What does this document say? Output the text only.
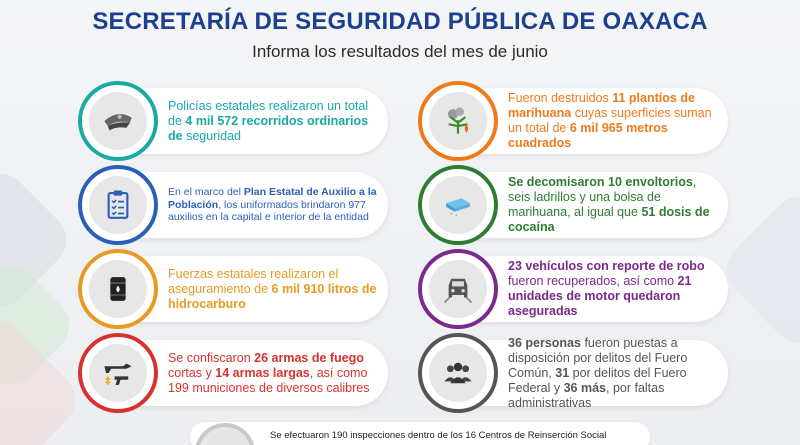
SECRETARÍA DE SEGURIDAD PÚBLICA DE OAXACA
Informa los resultados del mes de junio
Policías estatales realizaron un total de 4 mil 572 recorridos ordinarios de seguridad
En el marco del Plan Estatal de Auxilio a la Población, los uniformados brindaron 977 auxilios en la capital e interior de la entidad
Fuerzas estatales realizaron el aseguramiento de 6 mil 910 litros de hidrocarburo
Se confiscaron 26 armas de fuego cortas y 14 armas largas, así como 199 municiones de diversos calibres
Fueron destruidos 11 plantíos de marihuana cuyas superficies suman un total de 6 mil 965 metros cuadrados
Se decomisaron 10 envoltorios, seis ladrillos y una bolsa de marihuana, al igual que 51 dosis de cocaína
23 vehículos con reporte de robo fueron recuperados, así como 21 unidades de motor quedaron aseguradas
36 personas fueron puestas a disposición por delitos del Fuero Común, 31 por delitos del Fuero Federal y 36 más, por faltas administrativas
Se efectuaron 190 inspecciones dentro de los 16 Centros de Reinserción Social
